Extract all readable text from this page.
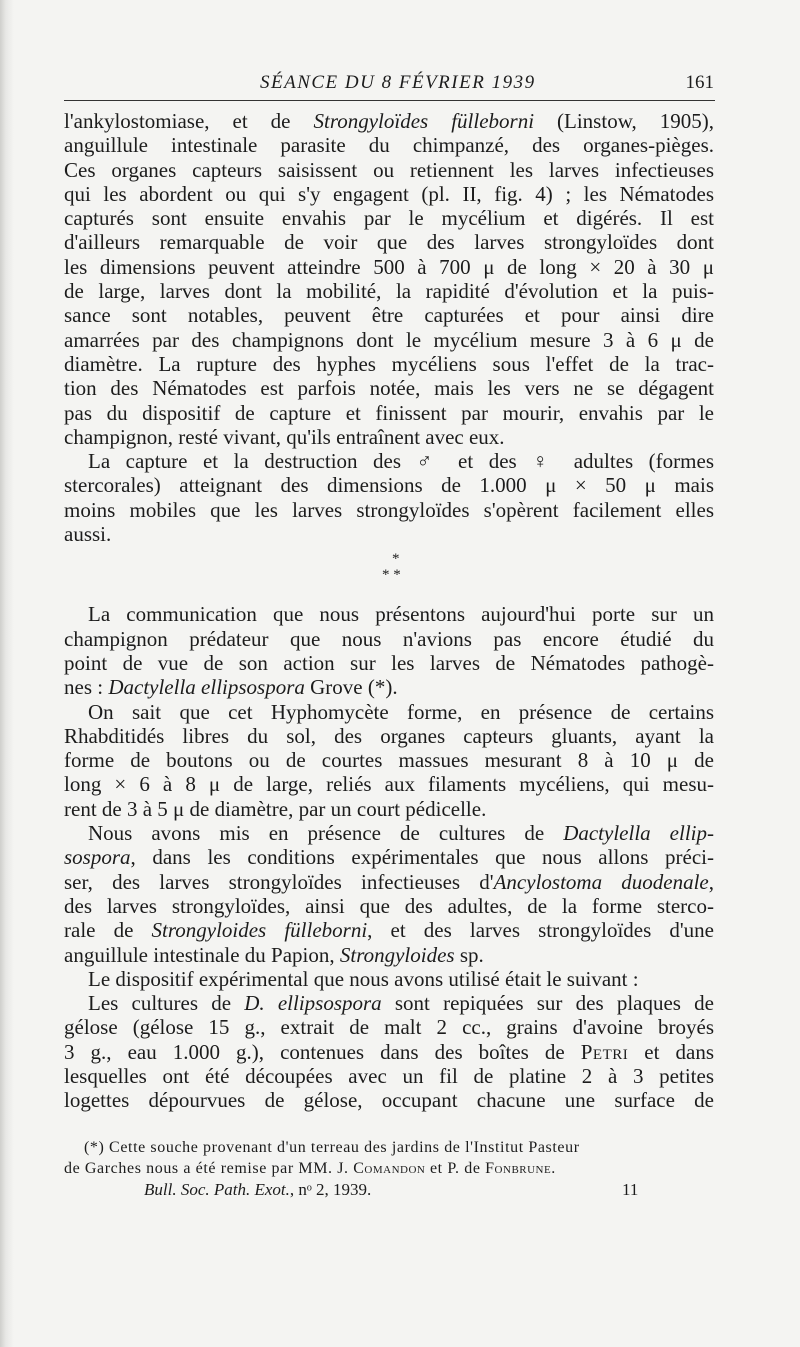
SÉANCE DU 8 FÉVRIER 1939	161
l'ankylostomiase, et de Strongyloïdes fülleborni (Linstow, 1905),
anguillule intestinale parasite du chimpanzé, des organes-pièges.
Ces organes capteurs saisissent ou retiennent les larves infectieuses
qui les abordent ou qui s'y engagent (pl. II, fig. 4) ; les Nématodes
capturés sont ensuite envahis par le mycélium et digérés. Il est
d'ailleurs remarquable de voir que des larves strongyloïdes dont
les dimensions peuvent atteindre 500 à 700 μ de long × 20 à 30 μ
de large, larves dont la mobilité, la rapidité d'évolution et la puis-
sance sont notables, peuvent être capturées et pour ainsi dire
amarrées par des champignons dont le mycélium mesure 3 à 6 μ de
diamètre. La rupture des hyphes mycéliens sous l'effet de la trac-
tion des Nématodes est parfois notée, mais les vers ne se dégagent
pas du dispositif de capture et finissent par mourir, envahis par le
champignon, resté vivant, qu'ils entraînent avec eux.
La capture et la destruction des ♂ et des ♀ adultes (formes
stercorales) atteignant des dimensions de 1.000 μ × 50 μ mais
moins mobiles que les larves strongyloïdes s'opèrent facilement elles
aussi.
*
* *
La communication que nous présentons aujourd'hui porte sur un
champignon prédateur que nous n'avions pas encore étudié du
point de vue de son action sur les larves de Nématodes pathogè-
nes : Dactylella ellipsospora Grove (*).
On sait que cet Hyphomycète forme, en présence de certains
Rhabditidés libres du sol, des organes capteurs gluants, ayant la
forme de boutons ou de courtes massues mesurant 8 à 10 μ de
long × 6 à 8 μ de large, reliés aux filaments mycéliens, qui mesu-
rent de 3 à 5 μ de diamètre, par un court pédicelle.
Nous avons mis en présence de cultures de Dactylella ellip-
sospora, dans les conditions expérimentales que nous allons préci-
ser, des larves strongyloïdes infectieuses d'Ancylostoma duodenale,
des larves strongyloïdes, ainsi que des adultes, de la forme sterco-
rale de Strongyloides fülleborni, et des larves strongyloïdes d'une
anguillule intestinale du Papion, Strongyloides sp.
Le dispositif expérimental que nous avons utilisé était le suivant :
Les cultures de D. ellipsospora sont repiquées sur des plaques de
gélose (gélose 15 g., extrait de malt 2 cc., grains d'avoine broyés
3 g., eau 1.000 g.), contenues dans des boîtes de Petri et dans
lesquelles ont été découpées avec un fil de platine 2 à 3 petites
logettes dépourvues de gélose, occupant chacune une surface de
(*) Cette souche provenant d'un terreau des jardins de l'Institut Pasteur
de Garches nous a été remise par MM. J. Comandon et P. de Fonbrune.
Bull. Soc. Path. Exot., nᵒ 2, 1939.	11
